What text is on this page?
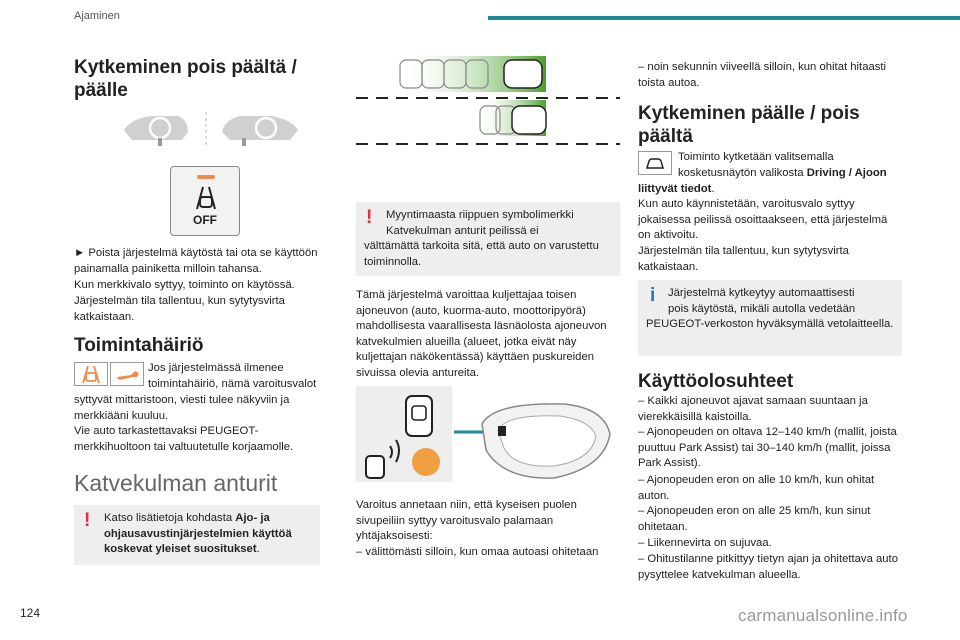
Ajaminen
124	carmanualsonline.info
Kytkeminen pois päältä / päälle
OFF

► Poista järjestelmä käytöstä tai ota se käyttöön painamalla painiketta milloin tahansa.

Kun merkkivalo syttyy, toiminto on käytössä.

Järjestelmän tila tallentuu, kun sytytysvirta katkaistaan.

Toimintahäiriö
Jos järjestelmässä ilmenee
toimintahäiriö, nämä varoitusvalot

syttyvät mittaristoon, viesti tulee näkyviin ja merkkiääni kuuluu.

Vie auto tarkastettavaksi PEUGEOT-merkkihuoltoon tai valtuutetulle korjaamolle.

Katvekulman anturit
!	Katso lisätietoja kohdasta Ajo- ja ohjausavustinjärjestelmien käyttöä koskevat yleiset suositukset.
!	Myyntimaasta riippuen symbolimerkki
Katvekulman anturit peilissä ei
välttämättä tarkoita sitä, että auto on varustettu toiminnolla.

Tämä järjestelmä varoittaa kuljettajaa toisen ajoneuvon (auto, kuorma-auto, moottoripyörä) mahdollisesta vaarallisesta läsnäolosta ajoneuvon katvekulmien alueilla (alueet, jotka eivät näy kuljettajan näkökentässä) käyttäen puskureiden sivuissa olevia antureita.

Varoitus annetaan niin, että kyseisen puolen sivupeiliin syttyy varoitusvalo palamaan yhtäjaksoisesti:

– välittömästi silloin, kun omaa autoasi ohitetaan

– noin sekunnin viiveellä silloin, kun ohitat hitaasti toista autoa.

Kytkeminen päälle / pois päältä
Toiminto kytketään valitsemalla
kosketusnäytön valikosta Driving / Ajoon liittyvät tiedot.

Kun auto käynnistetään, varoitusvalo syttyy jokaisessa peilissä osoittaakseen, että järjestelmä on aktivoitu.

Järjestelmän tila tallentuu, kun sytytysvirta katkaistaan.

i	Järjestelmä kytkeytyy automaattisesti
pois käytöstä, mikäli autolla vedetään
PEUGEOT-verkoston hyväksymällä vetolaitteella.
Käyttöolosuhteet

– Kaikki ajoneuvot ajavat samaan suuntaan ja vierekkäisillä kaistoilla.

– Ajonopeuden on oltava 12–140 km/h (mallit, joista puuttuu Park Assist) tai 30–140 km/h (mallit, joissa Park Assist).

– Ajonopeuden eron on alle 10 km/h, kun ohitat auton.

– Ajonopeuden eron on alle 25 km/h, kun sinut ohitetaan.

– Liikennevirta on sujuvaa.

– Ohitustilanne pitkittyy tietyn ajan ja ohitettava auto pysyttelee katvekulman alueella.
